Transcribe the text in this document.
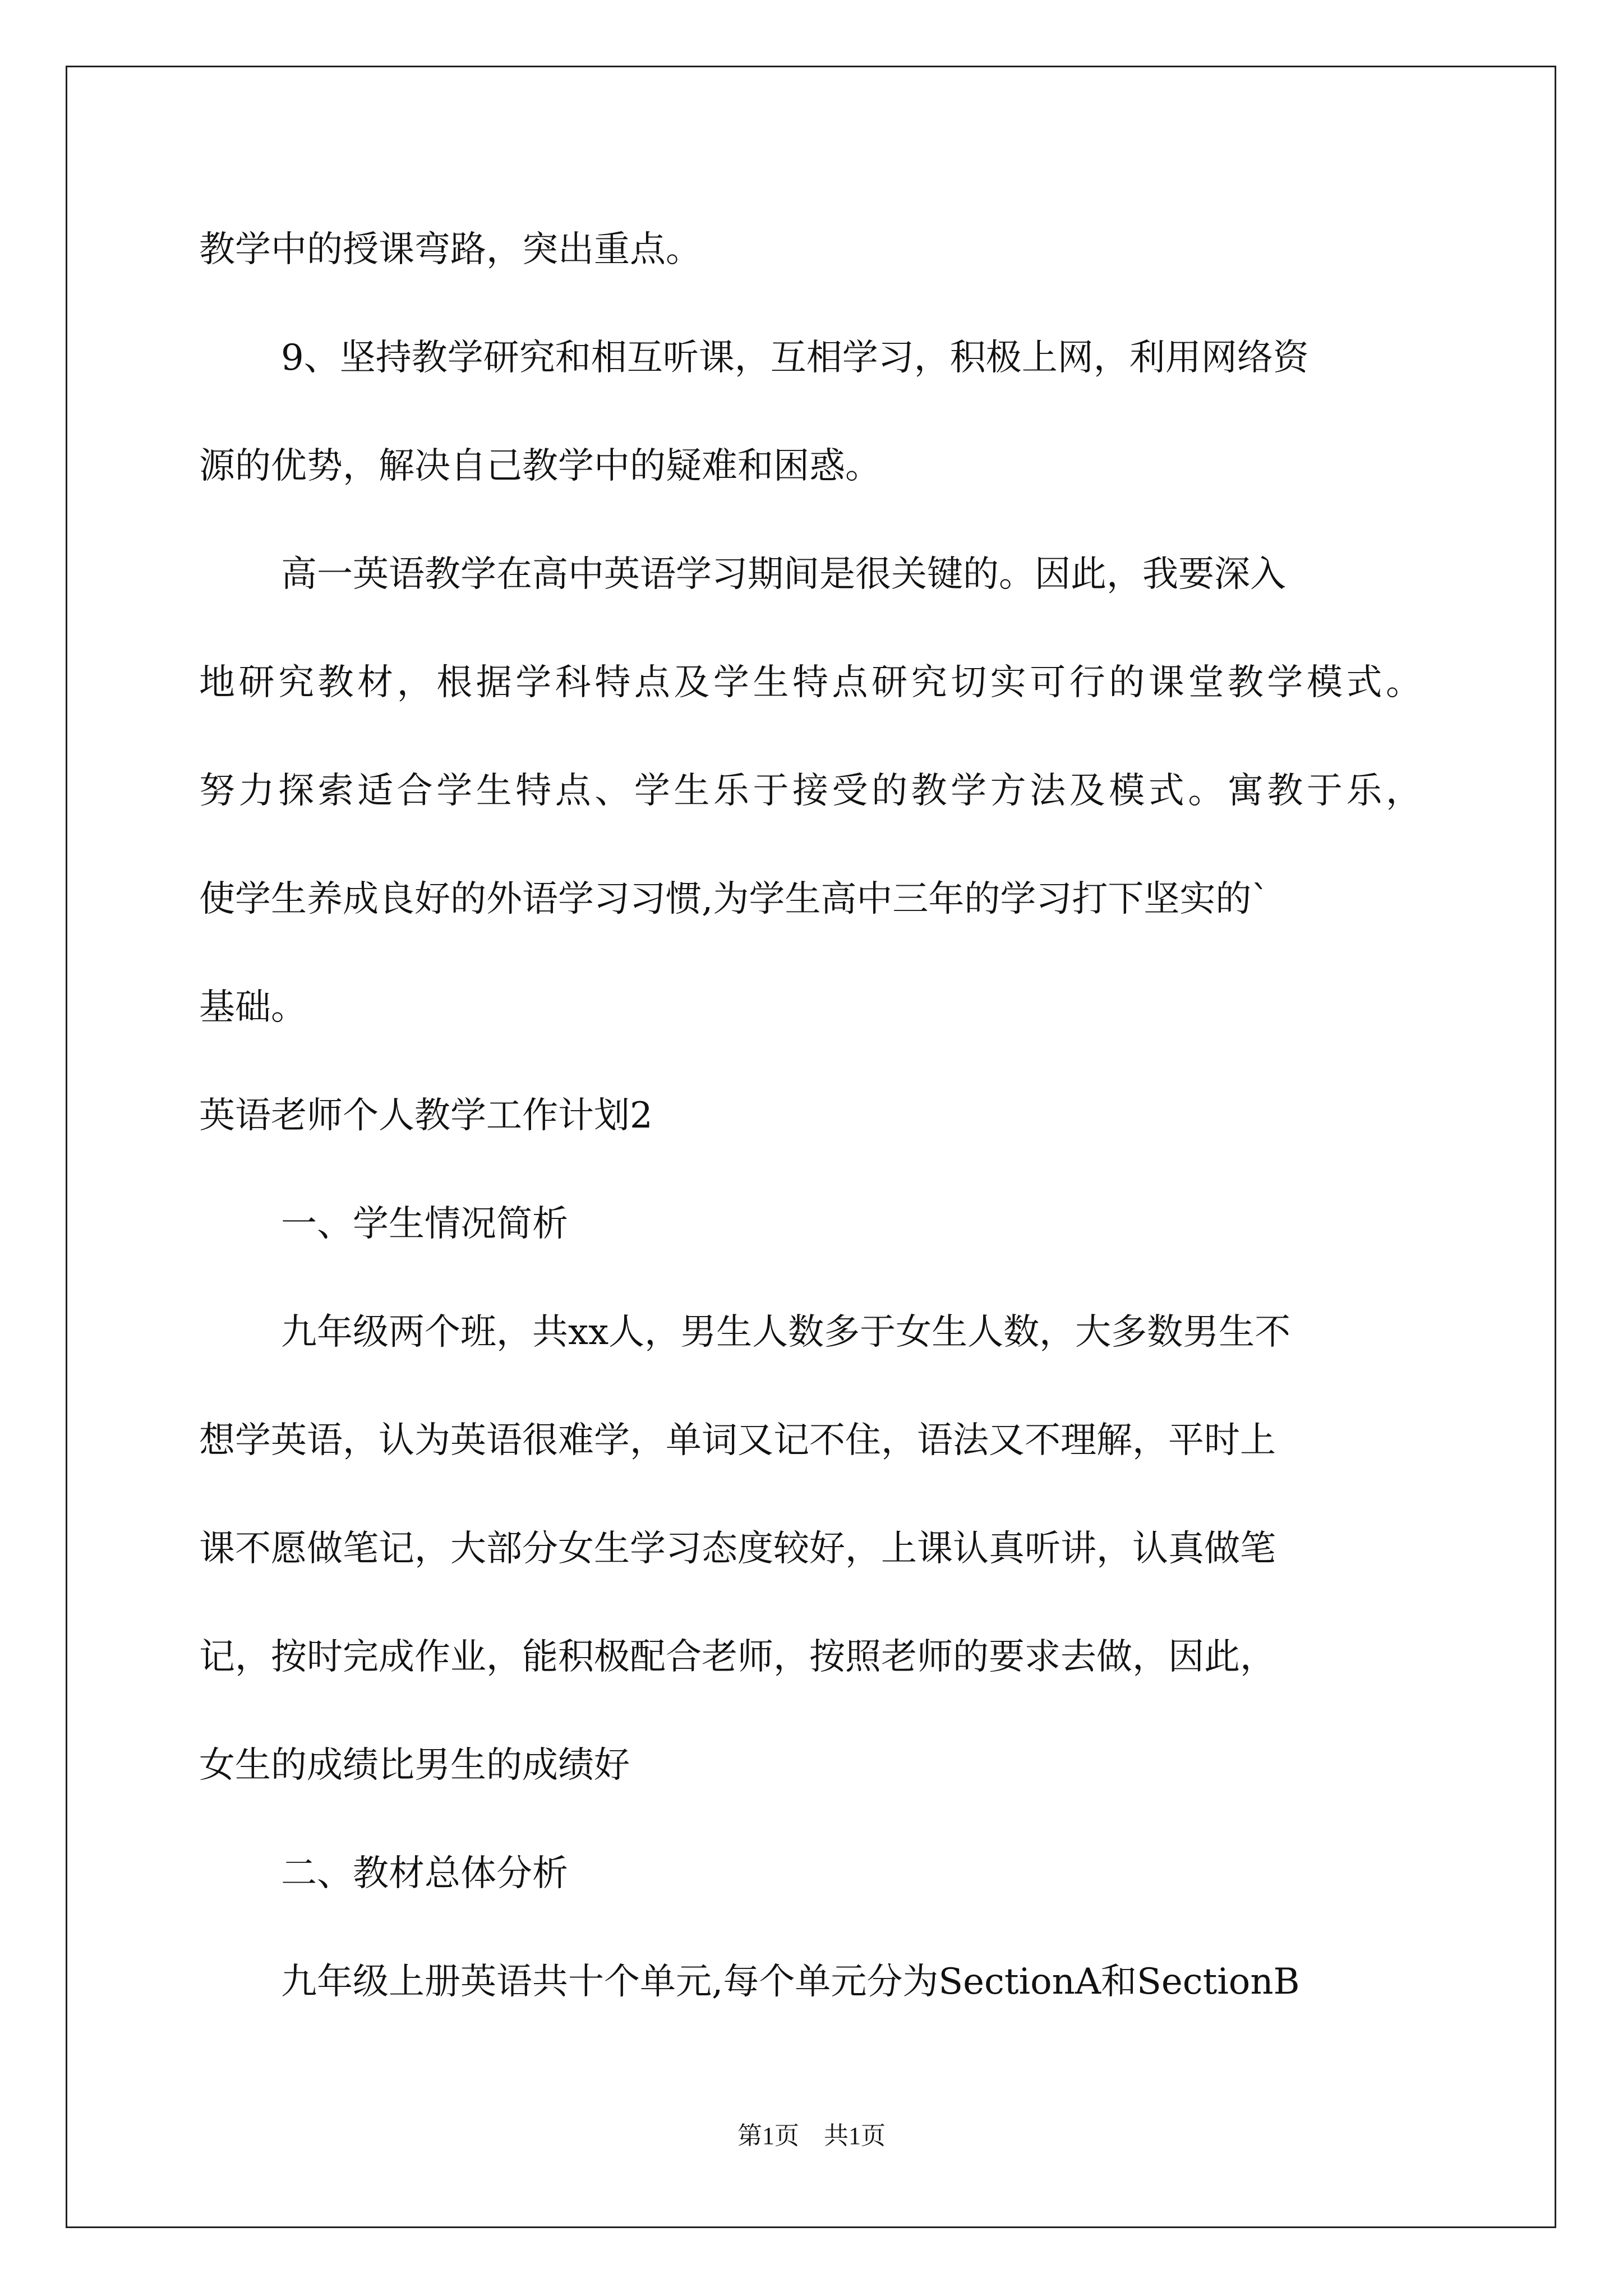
教学中的授课弯路，突出重点。
9、坚持教学研究和相互听课，互相学习，积极上网，利用网络资
源的优势，解决自己教学中的疑难和困惑。
高一英语教学在高中英语学习期间是很关键的。因此，我要深入
地研究教材，根据学科特点及学生特点研究切实可行的课堂教学模式。
努力探索适合学生特点、学生乐于接受的教学方法及模式。寓教于乐，
使学生养成良好的外语学习习惯,为学生高中三年的学习打下坚实的`
基础。
英语老师个人教学工作计划2
一、学生情况简析
九年级两个班，共xx人，男生人数多于女生人数，大多数男生不
想学英语，认为英语很难学，单词又记不住，语法又不理解，平时上
课不愿做笔记，大部分女生学习态度较好，上课认真听讲，认真做笔
记，按时完成作业，能积极配合老师，按照老师的要求去做，因此，
女生的成绩比男生的成绩好
二、教材总体分析
九年级上册英语共十个单元,每个单元分为SectionA和SectionB
第1页　共1页
